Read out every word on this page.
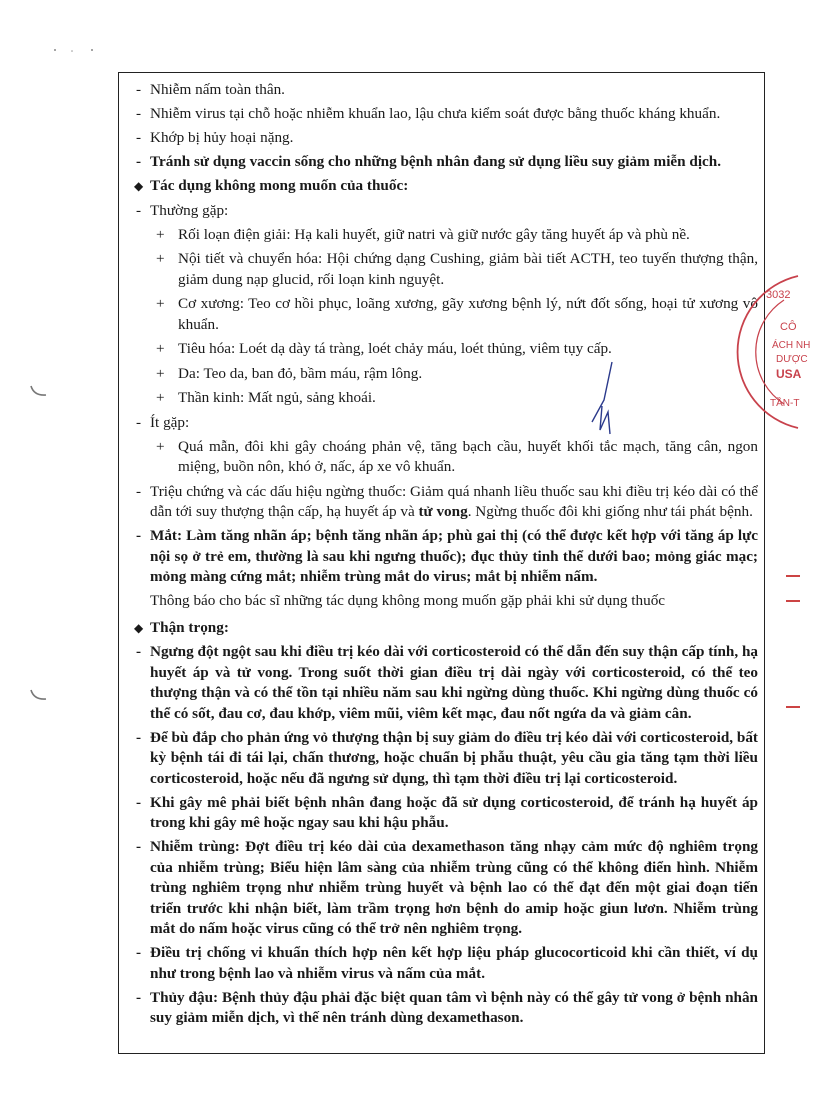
- Nhiễm nấm toàn thân.
- Nhiễm virus tại chỗ hoặc nhiễm khuẩn lao, lậu chưa kiểm soát được bằng thuốc kháng khuẩn.
- Khớp bị hủy hoại nặng.
- Tránh sử dụng vaccin sống cho những bệnh nhân đang sử dụng liều suy giảm miễn dịch.
◆ Tác dụng không mong muốn của thuốc:
- Thường gặp:
+ Rối loạn điện giải: Hạ kali huyết, giữ natri và giữ nước gây tăng huyết áp và phù nề.
+ Nội tiết và chuyển hóa: Hội chứng dạng Cushing, giảm bài tiết ACTH, teo tuyến thượng thận, giảm dung nạp glucid, rối loạn kinh nguyệt.
+ Cơ xương: Teo cơ hồi phục, loãng xương, gãy xương bệnh lý, nứt đốt sống, hoại tử xương vô khuẩn.
+ Tiêu hóa: Loét dạ dày tá tràng, loét chảy máu, loét thủng, viêm tụy cấp.
+ Da: Teo da, ban đỏ, bầm máu, rậm lông.
+ Thần kinh: Mất ngủ, sảng khoái.
- Ít gặp:
+ Quá mẫn, đôi khi gây choáng phản vệ, tăng bạch cầu, huyết khối tắc mạch, tăng cân, ngon miệng, buồn nôn, khó ở, nấc, áp xe vô khuẩn.
- Triệu chứng và các dấu hiệu ngừng thuốc: Giảm quá nhanh liều thuốc sau khi điều trị kéo dài có thể dẫn tới suy thượng thận cấp, hạ huyết áp và tử vong. Ngừng thuốc đôi khi giống như tái phát bệnh.
- Mắt: Làm tăng nhãn áp; bệnh tăng nhãn áp; phù gai thị (có thể được kết hợp với tăng áp lực nội sọ ở trẻ em, thường là sau khi ngưng thuốc); đục thủy tinh thể dưới bao; mỏng giác mạc; mỏng màng cứng mắt; nhiễm trùng mắt do virus; mắt bị nhiễm nấm.
Thông báo cho bác sĩ những tác dụng không mong muốn gặp phải khi sử dụng thuốc
◆ Thận trọng:
- Ngưng đột ngột sau khi điều trị kéo dài với corticosteroid có thể dẫn đến suy thận cấp tính, hạ huyết áp và tử vong. Trong suốt thời gian điều trị dài ngày với corticosteroid, có thể teo thượng thận và có thể tồn tại nhiều năm sau khi ngừng dùng thuốc. Khi ngừng dùng thuốc có thể có sốt, đau cơ, đau khớp, viêm mũi, viêm kết mạc, đau nốt ngứa da và giảm cân.
- Để bù đắp cho phản ứng vỏ thượng thận bị suy giảm do điều trị kéo dài với corticosteroid, bất kỳ bệnh tái đi tái lại, chấn thương, hoặc chuẩn bị phẫu thuật, yêu cầu gia tăng tạm thời liều corticosteroid, hoặc nếu đã ngưng sử dụng, thì tạm thời điều trị lại corticosteroid.
- Khi gây mê phải biết bệnh nhân đang hoặc đã sử dụng corticosteroid, để tránh hạ huyết áp trong khi gây mê hoặc ngay sau khi hậu phẫu.
- Nhiễm trùng: Đợt điều trị kéo dài của dexamethason tăng nhạy cảm mức độ nghiêm trọng của nhiễm trùng; Biểu hiện lâm sàng của nhiễm trùng cũng có thể không điển hình. Nhiễm trùng nghiêm trọng như nhiễm trùng huyết và bệnh lao có thể đạt đến một giai đoạn tiến triển trước khi nhận biết, làm trầm trọng hơn bệnh do amip hoặc giun lươn. Nhiễm trùng mắt do nấm hoặc virus cũng có thể trở nên nghiêm trọng.
- Điều trị chống vi khuẩn thích hợp nên kết hợp liệu pháp glucocorticoid khi cần thiết, ví dụ như trong bệnh lao và nhiễm virus và nấm của mắt.
- Thủy đậu: Bệnh thủy đậu phải đặc biệt quan tâm vì bệnh này có thể gây tử vong ở bệnh nhân suy giảm miễn dịch, vì thế nên tránh dùng dexamethason.
3032
CÔ
ÁCH NH
DƯỢC
USA
TẦN-T
